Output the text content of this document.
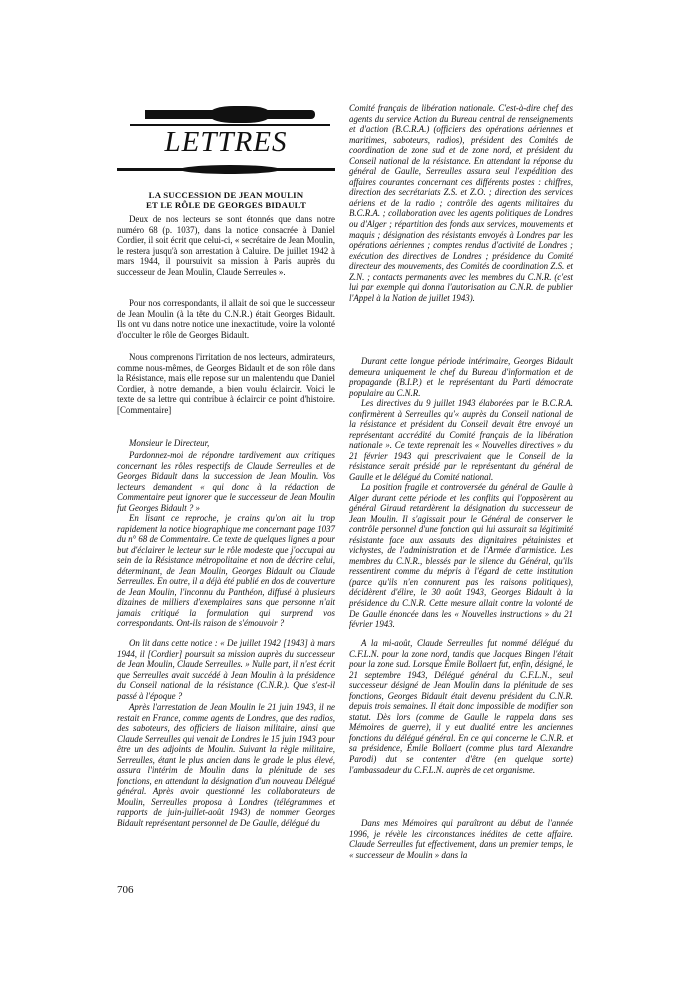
LETTRES
LA SUCCESSION DE JEAN MOULIN
ET LE RÔLE DE GEORGES BIDAULT
Deux de nos lecteurs se sont étonnés que dans notre numéro 68 (p. 1037), dans la notice consacrée à Daniel Cordier, il soit écrit que celui-ci, « secrétaire de Jean Moulin, le restera jusqu'à son arrestation à Caluire. De juillet 1942 à mars 1944, il poursuivit sa mission à Paris auprès du successeur de Jean Moulin, Claude Serreules ».
Pour nos correspondants, il allait de soi que le successeur de Jean Moulin (à la tête du C.N.R.) était Georges Bidault. Ils ont vu dans notre notice une inexactitude, voire la volonté d'occulter le rôle de Georges Bidault.
Nous comprenons l'irritation de nos lecteurs, admirateurs, comme nous-mêmes, de Georges Bidault et de son rôle dans la Résistance, mais elle repose sur un malentendu que Daniel Cordier, à notre demande, a bien voulu éclaircir. Voici le texte de sa lettre qui contribue à éclaircir ce point d'histoire. [Commentaire]
Monsieur le Directeur,
Pardonnez-moi de répondre tardivement aux critiques concernant les rôles respectifs de Claude Serreulles et de Georges Bidault dans la succession de Jean Moulin. Vos lecteurs demandent « qui donc à la rédaction de Commentaire peut ignorer que le successeur de Jean Moulin fut Georges Bidault ? »
En lisant ce reproche, je crains qu'on ait lu trop rapidement la notice biographique me concernant page 1037 du n° 68 de Commentaire. Ce texte de quelques lignes a pour but d'éclairer le lecteur sur le rôle modeste que j'occupai au sein de la Résistance métropolitaine et non de décrire celui, déterminant, de Jean Moulin, Georges Bidault ou Claude Serreulles. En outre, il a déjà été publié en dos de couverture de Jean Moulin, l'inconnu du Panthéon, diffusé à plusieurs dizaines de milliers d'exemplaires sans que personne n'ait jamais critiqué la formulation qui surprend vos correspondants. Ont-ils raison de s'émouvoir ?
On lit dans cette notice : « De juillet 1942 [1943] à mars 1944, il [Cordier] poursuit sa mission auprès du successeur de Jean Moulin, Claude Serreulles. » Nulle part, il n'est écrit que Serreulles avait succédé à Jean Moulin à la présidence du Conseil national de la résistance (C.N.R.). Que s'est-il passé à l'époque ?
Après l'arrestation de Jean Moulin le 21 juin 1943, il ne restait en France, comme agents de Londres, que des radios, des saboteurs, des officiers de liaison militaire, ainsi que Claude Serreulles qui venait de Londres le 15 juin 1943 pour être un des adjoints de Moulin. Suivant la règle militaire, Serreulles, étant le plus ancien dans le grade le plus élevé, assura l'intérim de Moulin dans la plénitude de ses fonctions, en attendant la désignation d'un nouveau Délégué général. Après avoir questionné les collaborateurs de Moulin, Serreulles proposa à Londres (télégrammes et rapports de juin-juillet-août 1943) de nommer Georges Bidault représentant personnel de De Gaulle, délégué du
Comité français de libération nationale. C'est-à-dire chef des agents du service Action du Bureau central de renseignements et d'action (B.C.R.A.) (officiers des opérations aériennes et maritimes, saboteurs, radios), président des Comités de coordination de zone sud et de zone nord, et président du Conseil national de la résistance. En attendant la réponse du général de Gaulle, Serreulles assura seul l'expédition des affaires courantes concernant ces différents postes : chiffres, direction des secrétariats Z.S. et Z.O. ; direction des services aériens et de la radio ; contrôle des agents militaires du B.C.R.A. ; collaboration avec les agents politiques de Londres ou d'Alger ; répartition des fonds aux services, mouvements et maquis ; désignation des résistants envoyés à Londres par les opérations aériennes ; comptes rendus d'activité de Londres ; exécution des directives de Londres ; présidence du Comité directeur des mouvements, des Comités de coordination Z.S. et Z.N. ; contacts permanents avec les membres du C.N.R. (c'est lui par exemple qui donna l'autorisation au C.N.R. de publier l'Appel à la Nation de juillet 1943).
Durant cette longue période intérimaire, Georges Bidault demeura uniquement le chef du Bureau d'information et de propagande (B.I.P.) et le représentant du Parti démocrate populaire au C.N.R.
Les directives du 9 juillet 1943 élaborées par le B.C.R.A. confirmèrent à Serreulles qu'« auprès du Conseil national de la résistance et président du Conseil devait être envoyé un représentant accrédité du Comité français de la libération nationale ». Ce texte reprenait les « Nouvelles directives » du 21 février 1943 qui prescrivaient que le Conseil de la résistance serait présidé par le représentant du général de Gaulle et le délégué du Comité national.
La position fragile et controversée du général de Gaulle à Alger durant cette période et les conflits qui l'opposèrent au général Giraud retardèrent la désignation du successeur de Jean Moulin. Il s'agissait pour le Général de conserver le contrôle personnel d'une fonction qui lui assurait sa légitimité résistante face aux assauts des dignitaires pétainistes et vichystes, de l'administration et de l'Armée d'armistice. Les membres du C.N.R., blessés par le silence du Général, qu'ils ressentirent comme du mépris à l'égard de cette institution (parce qu'ils n'en connurent pas les raisons politiques), décidèrent d'élire, le 30 août 1943, Georges Bidault à la présidence du C.N.R. Cette mesure allait contre la volonté de De Gaulle énoncée dans les « Nouvelles instructions » du 21 février 1943.
A la mi-août, Claude Serreulles fut nommé délégué du C.F.L.N. pour la zone nord, tandis que Jacques Bingen l'était pour la zone sud. Lorsque Émile Bollaert fut, enfin, désigné, le 21 septembre 1943, Délégué général du C.F.L.N., seul successeur désigné de Jean Moulin dans la plénitude de ses fonctions, Georges Bidault était devenu président du C.N.R. depuis trois semaines. Il était donc impossible de modifier son statut. Dès lors (comme de Gaulle le rappela dans ses Mémoires de guerre), il y eut dualité entre les anciennes fonctions du délégué général. En ce qui concerne le C.N.R. et sa présidence, Émile Bollaert (comme plus tard Alexandre Parodi) dut se contenter d'être (en quelque sorte) l'ambassadeur du C.F.L.N. auprès de cet organisme.
Dans mes Mémoires qui paraîtront au début de l'année 1996, je révèle les circonstances inédites de cette affaire. Claude Serreulles fut effectivement, dans un premier temps, le « successeur de Moulin » dans la
706
